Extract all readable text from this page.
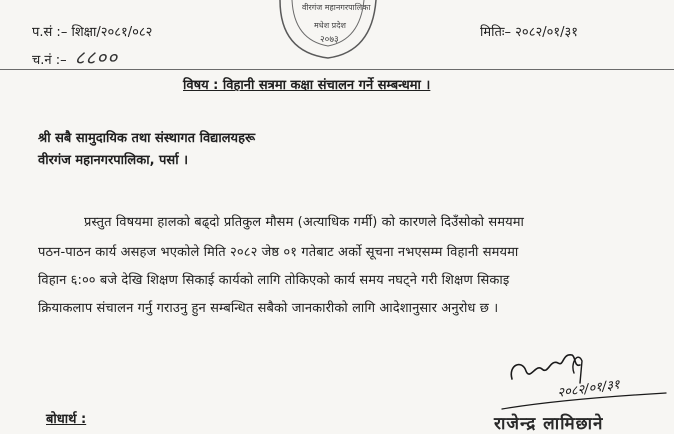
प.सं :– शिक्षा/२०८१/०८२
च.नं :– ८८००
मितिः– २०८२/०१/३१
वीरगंज महानगरपालिका
मधेश प्रदेश
२०७३
विषय : विहानी सत्रमा कक्षा संचालन गर्ने सम्बन्धमा ।
श्री सबै सामुदायिक तथा संस्थागत विद्यालयहरू
वीरगंज महानगरपालिका, पर्सा ।
प्रस्तुत विषयमा हालको बढ्दो प्रतिकुल मौसम (अत्याधिक गर्मी) को कारणले दिउँसोको समयमा
पठन-पाठन कार्य असहज भएकोले मिति २०८२ जेष्ठ ०१ गतेबाट अर्को सूचना नभएसम्म विहानी समयमा
विहान ६:०० बजे देखि शिक्षण सिकाई कार्यको लागि तोकिएको कार्य समय नघट्ने गरी शिक्षण सिकाइ
क्रियाकलाप संचालन गर्नु गराउनु हुन सम्बन्धित सबैको जानकारीको लागि आदेशानुसार अनुरोध छ ।
२०८२/०१/३१
बोधार्थ :	राजेन्द्र लामिछाने
